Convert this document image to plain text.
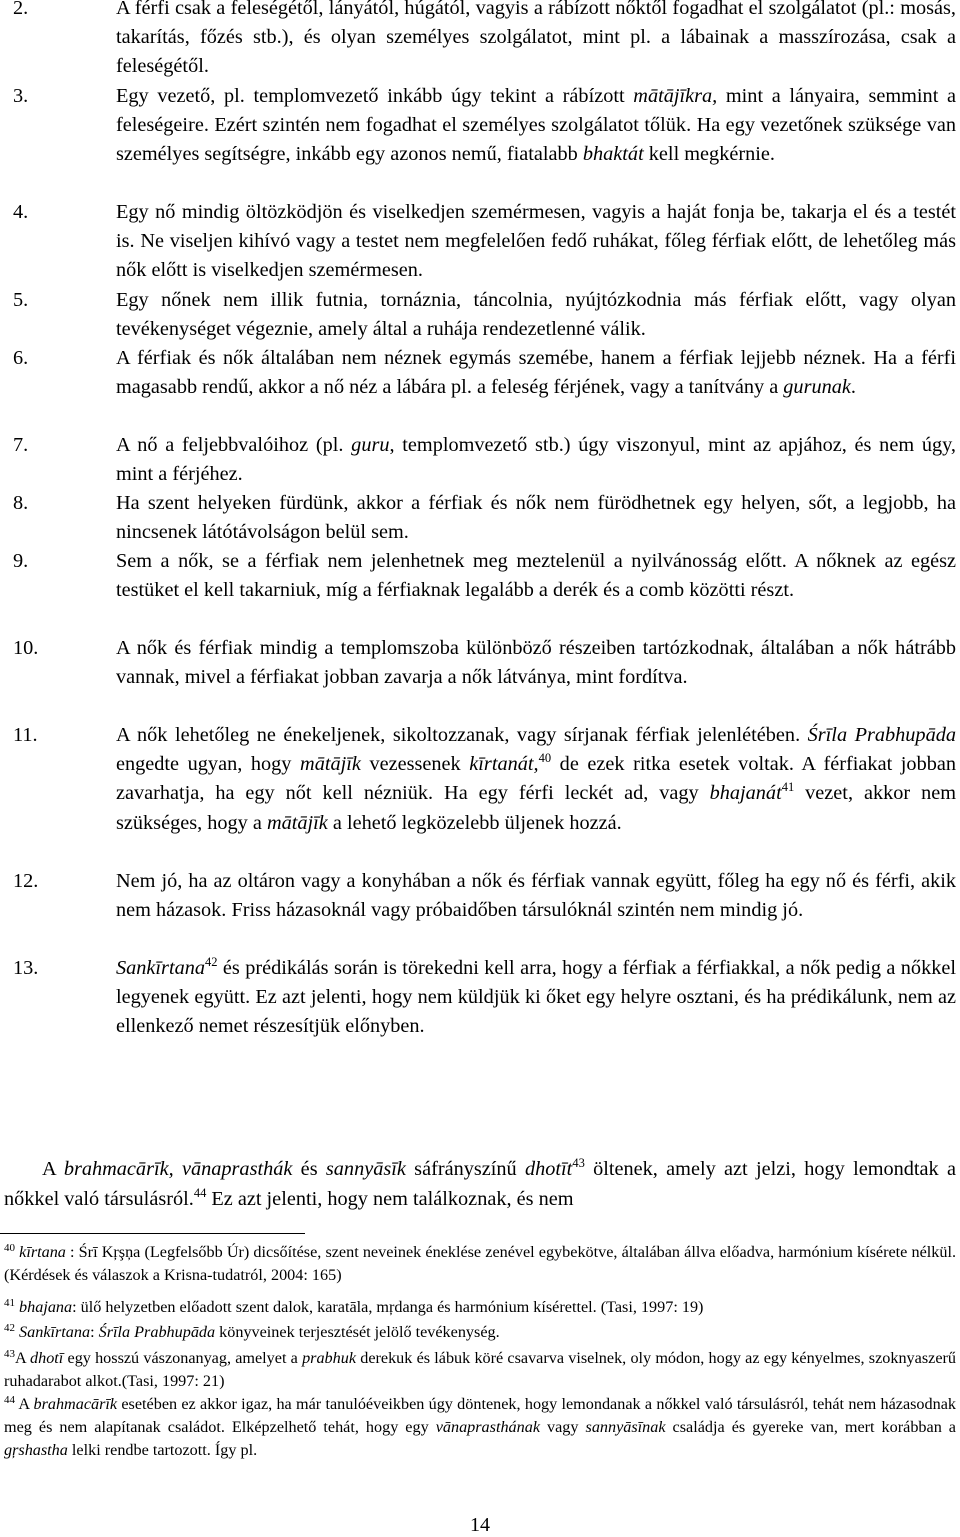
2.	A férfi csak a feleségétől, lányától, húgától, vagyis a rábízott nőktől fogadhat el szolgálatot (pl.: mosás, takarítás, főzés stb.), és olyan személyes szolgálatot, mint pl. a lábainak a masszírozása, csak a feleségétől.
3.	Egy vezető, pl. templomvezető inkább úgy tekint a rábízott mātājīkra, mint a lányaira, semmint a feleségeire. Ezért szintén nem fogadhat el személyes szolgálatot tőlük. Ha egy vezetőnek szüksége van személyes segítségre, inkább egy azonos nemű, fiatalabb bhaktát kell megkérnie.
4.	Egy nő mindig öltözködjön és viselkedjen szemérmesen, vagyis a haját fonja be, takarja el és a testét is. Ne viseljen kihívó vagy a testet nem megfelelően fedő ruhákat, főleg férfiak előtt, de lehetőleg más nők előtt is viselkedjen szemérmesen.
5.	Egy nőnek nem illik futnia, tornáznia, táncolnia, nyújtózkodnia más férfiak előtt, vagy olyan tevékenységet végeznie, amely által a ruhája rendezetlenné válik.
6.	A férfiak és nők általában nem néznek egymás szemébe, hanem a férfiak lejjebb néznek. Ha a férfi magasabb rendű, akkor a nő néz a lábára pl. a feleség férjének, vagy a tanítvány a gurunak.
7.	A nő a feljebbvalóihoz (pl. guru, templomvezető stb.) úgy viszonyul, mint az apjához, és nem úgy, mint a férjéhez.
8.	Ha szent helyeken fürdünk, akkor a férfiak és nők nem fürödhetnek egy helyen, sőt, a legjobb, ha nincsenek látótávolságon belül sem.
9.	Sem a nők, se a férfiak nem jelenhetnek meg meztelenül a nyilvánosság előtt. A nőknek az egész testüket el kell takarniuk, míg a férfiaknak legalább a derék és a comb közötti részt.
10.	A nők és férfiak mindig a templomszoba különböző részeiben tartózkodnak, általában a nők hátrább vannak, mivel a férfiakat jobban zavarja a nők látványa, mint fordítva.
11.	A nők lehetőleg ne énekeljenek, sikoltozzanak, vagy sírjanak férfiak jelenlétében. Śrīla Prabhupāda engedte ugyan, hogy mātājīk vezessenek kīrtanát,$^{40}$ de ezek ritka esetek voltak. A férfiakat jobban zavarhatja, ha egy nőt kell nézniük. Ha egy férfi leckét ad, vagy bhajanát$^{41}$ vezet, akkor nem szükséges, hogy a mātājīk a lehető legközelebb üljenek hozzá.
12.	Nem jó, ha az oltáron vagy a konyhában a nők és férfiak vannak együtt, főleg ha egy nő és férfi, akik nem házasok. Friss házasoknál vagy próbaidőben társulóknál szintén nem mindig jó.
13.	Sankīrtana$^{42}$ és prédikálás során is törekedni kell arra, hogy a férfiak a férfiakkal, a nők pedig a nőkkel legyenek együtt. Ez azt jelenti, hogy nem küldjük ki őket egy helyre osztani, és ha prédikálunk, nem az ellenkező nemet részesítjük előnyben.
A brahmacārīk, vānaprasthák és sannyāsīk sáfrányszínű dhotīt$^{43}$ öltenek, amely azt jelzi, hogy lemondtak a nőkkel való társulásról.$^{44}$ Ez azt jelenti, hogy nem találkoznak, és nem
$^{40}$ kīrtana : Śrī Kŗşņa (Legfelsőbb Úr) dicsőítése, szent neveinek éneklése zenével egybekötve, általában állva előadva, harmónium kísérete nélkül. (Kérdések és válaszok a Krisna-tudatról, 2004: 165)
$^{41}$ bhajana: ülő helyzetben előadott szent dalok, karatāla, mŗdanga és harmónium kísérettel. (Tasi, 1997: 19)
$^{42}$ Sankīrtana: Śrīla Prabhupāda könyveinek terjesztését jelölő tevékenység.
$^{43}$A dhotī egy hosszú vászonanyag, amelyet a prabhuk derekuk és lábuk köré csavarva viselnek, oly módon, hogy az egy kényelmes, szoknyaszerű ruhadarabot alkot.(Tasi, 1997: 21)
$^{44}$ A brahmacārīk esetében ez akkor igaz, ha már tanulóéveikben úgy döntenek, hogy lemondanak a nőkkel való társulásról, tehát nem házasodnak meg és nem alapítanak családot. Elképzelhető tehát, hogy egy vānaprasthának vagy sannyāsīnak családja és gyereke van, mert korábban a gŗshastha lelki rendbe tartozott. Így pl.
14
